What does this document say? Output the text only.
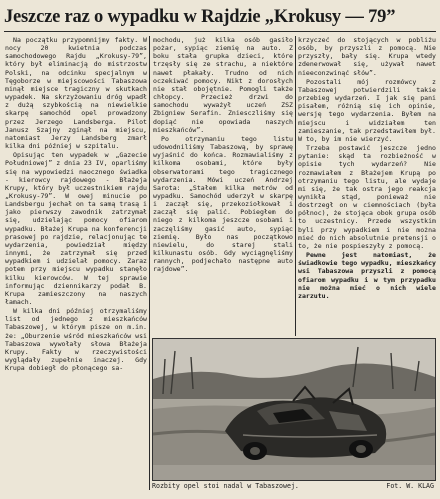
Jeszcze raz o wypadku w Rajdzie „Krokusy — 79”

Na początku przypomnijmy fakty. W nocy 20 kwietnia podczas samochodowego Rajdu „Krokusy-79”, który był eliminacją do mistrzostw Polski, na odcinku specjalnym w Tęgoborze w miejscowości Tabaszowa minął miejsce tragiczny w skutkach wypadek. Na skrzyżowaniu dróg wpadł z dużą szybkością na niewielkie skarpę samochód opel prowadzony przez Jerzego Landsberga. Pilot Janusz Szajny zginął na miejscu, natomiast Jerzy Landsberg zmarł kilka dni później w szpitalu.

Opisując ten wypadek w „Gazecie Południowej” z dnia 23 IV, oparliśmy się na wypowiedzi naocznego świadka - kierowcy rajdowego - Błażeja Krupy, który był uczestnikiem rajdu „Krokusy-79”. W owej minucie po Landsbergu jechał on ta samą trasą i jako pierwszy zawodnik zatrzymał się, udzielając pomocy ofiarom wypadku. Błażej Krupa na konferencji prasowej po rajdzie, relacjonując te wydarzenia, powiedział między innymi, że zatrzymał się przed wypadkiem i udzielał pomocy. Zaraz potem przy miejscu wypadku stanęło kilku kierowców. W tej sprawie informując dziennikarzy podał B. Krupa zamieszczony na naszych łamach.

W kilka dni później otrzymaliśmy list od jednego z mieszkańców Tabaszowej, w którym pisze on m.in. że: „Oburzenie wśród mieszkańców wsi Tabaszowa wywołały słowa Błażeja Krupy. Fakty w rzeczywistości wyglądały zupełnie inaczej. Gdy Krupa dobiegł do płonącego sa-

mochodu, już kilka osób gasiło pożar, sypiąc ziemię na auto. Z boku stała grupka dzieci, które trzęsły się ze strachu, a niektóre nawet płakały. Trudno od nich oczekiwać pomocy. Nikt z dorosłych nie stał obojętnie. Pomogli także chłopcy. Przecież drzwi do samochodu wyważył uczeń ZSZ Zbigniew Serafin. Zniesczliśmy się dopiąć nie opowiada naszych mieszkańców”.

Po otrzymaniu tego listu udowodniliśmy Tabaszową, by sprawę wyjaśnić do końca. Rozmawialiśmy z kilkoma osobami, które były obserwatorami tego tragicznego wydarzenia. Mówi uczeń Andrzej Sarota: „Stałem kilka metrów od wypadku. Samochód uderzył w skarpę i zaczął się, przekoziołkował i zaczął się palić. Pobiegłem do niego z kilkoma jeszcze osobami i zaczęliśmy gasić auto, sypiąc ziemię. Było nas początkowo niewielu, do starej stali kilkunastu osób. Gdy wyciągnęliśmy rannych, podjechało następne auto rajdowe”.

krzyczeć do stojących w pobliżu osób, by przyszli z pomocą. Nie przyszły, bały się. Krupa wtedy zdenerwował się, używał nawet nieeconzwinąć słów”.

Pozostali mój rozmówcy z Tabaszowej potwierdzili takie przebieg wydarzeń. I jak się pani pisałem, różnią się ich opinie, wersję tego wydarzenia. Byłem na miejscu i widziałem ten zamieszanie, tak przedstawiłem był. W to, by im nie wierzyć.

Trzeba postawić jeszcze jedno pytanie: skąd ta rozbieżność w opisie tych wydarzeń? Nie rozmawiałem z Błażejem Krupą po otrzymaniu tego listu, ale wydaje mi się, że tak ostra jego reakcja wynikła stąd, ponieważ nie dostrzegł on w ciemnościach (była północ), że stojąca obok grupa osób to uczestnicy. Przede wszystkim byli przy wypadkiem i nie można mieć do nich absolutnie pretensji o to, że nie pospieszyły z pomocą.

Pewne jest natomiast, że świadkowie tego wypadku, mieszkańcy wsi Tabaszowa przyszli z pomocą ofiarom wypadku i w tym przypadku nie można mieć o nich wiele zarzutu.

Rozbity opel stoi nadal w Tabaszowej.	Fot. W. KLAG
